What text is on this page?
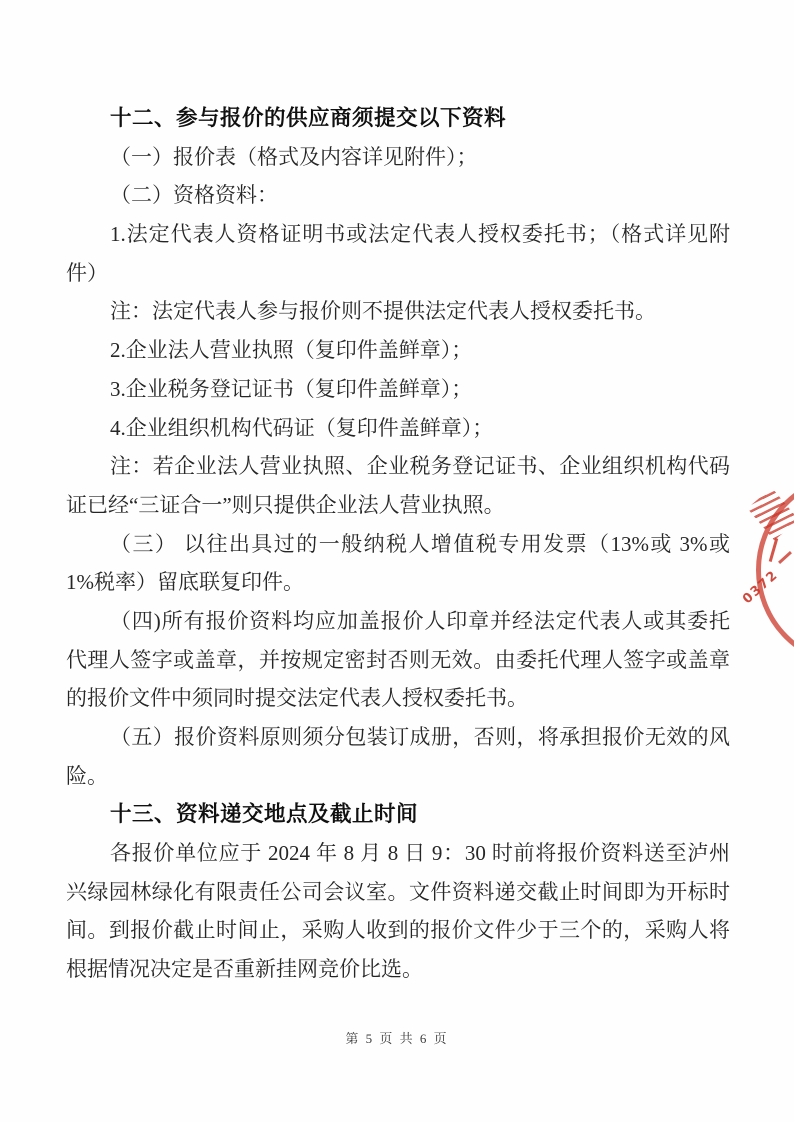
十二、参与报价的供应商须提交以下资料
（一）报价表（格式及内容详见附件）；
（二）资格资料：
1.法定代表人资格证明书或法定代表人授权委托书；（格式详见附
件）
注：法定代表人参与报价则不提供法定代表人授权委托书。
2.企业法人营业执照（复印件盖鲜章）；
3.企业税务登记证书（复印件盖鲜章）；
4.企业组织机构代码证（复印件盖鲜章）；
注：若企业法人营业执照、企业税务登记证书、企业组织机构代码
证已经“三证合一”则只提供企业法人营业执照。
（三） 以往出具过的一般纳税人增值税专用发票（13%或 3%或
1%税率）留底联复印件。
（四)所有报价资料均应加盖报价人印章并经法定代表人或其委托
代理人签字或盖章，并按规定密封否则无效。由委托代理人签字或盖章
的报价文件中须同时提交法定代表人授权委托书。
（五）报价资料原则须分包装订成册，否则，将承担报价无效的风
险。
十三、资料递交地点及截止时间
各报价单位应于 2024 年 8 月 8 日 9：30 时前将报价资料送至泸州
兴绿园林绿化有限责任公司会议室。文件资料递交截止时间即为开标时
间。到报价截止时间止，采购人收到的报价文件少于三个的，采购人将
根据情况决定是否重新挂网竞价比选。
0372
第 5 页 共 6 页
